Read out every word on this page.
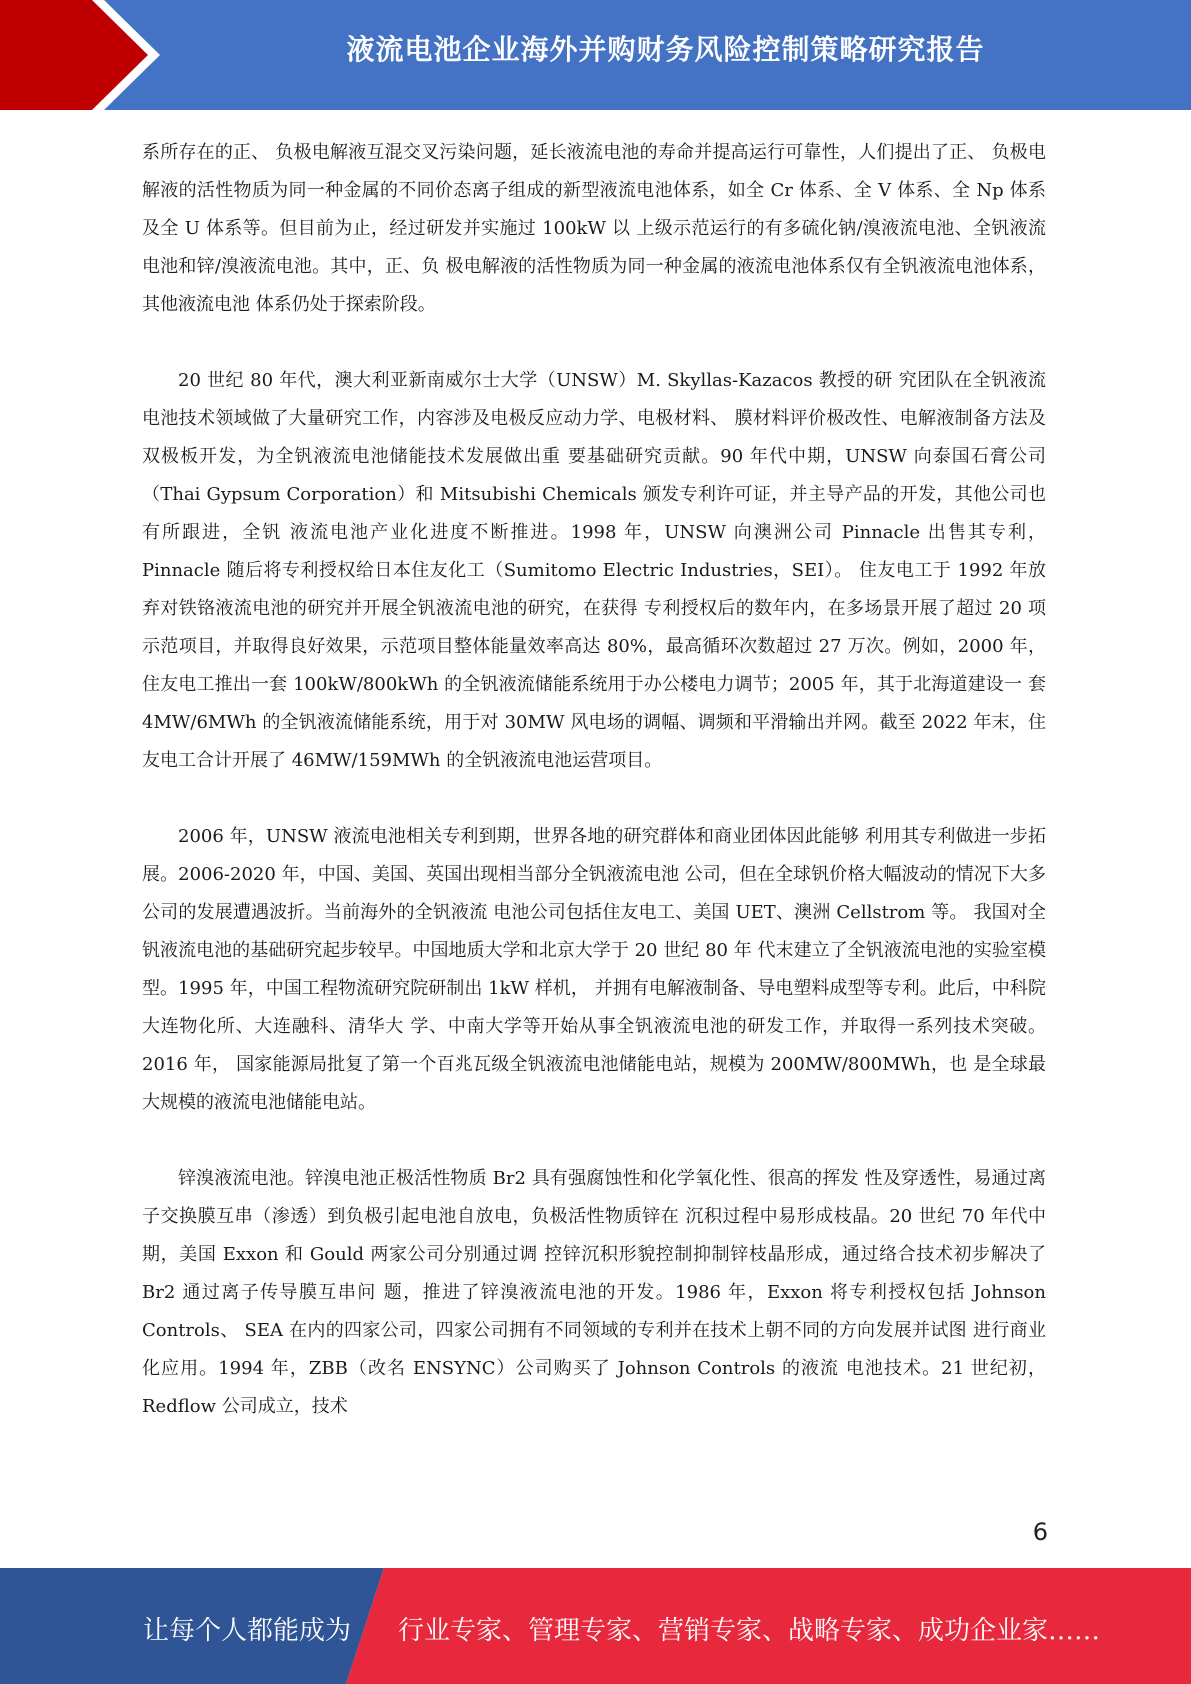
液流电池企业海外并购财务风险控制策略研究报告

系所存在的正、 负极电解液互混交叉污染问题，延长液流电池的寿命并提高运行可靠性，人们提出了正、 负极电解液的活性物质为同一种金属的不同价态离子组成的新型液流电池体系，如全 Cr 体系、全 V 体系、全 Np 体系及全 U 体系等。但目前为止，经过研发并实施过 100kW 以 上级示范运行的有多硫化钠/溴液流电池、全钒液流电池和锌/溴液流电池。其中，正、负 极电解液的活性物质为同一种金属的液流电池体系仅有全钒液流电池体系，其他液流电池 体系仍处于探索阶段。

20 世纪 80 年代，澳大利亚新南威尔士大学（UNSW）M. Skyllas-Kazacos 教授的研 究团队在全钒液流电池技术领域做了大量研究工作，内容涉及电极反应动力学、电极材料、 膜材料评价极改性、电解液制备方法及双极板开发，为全钒液流电池储能技术发展做出重 要基础研究贡献。90 年代中期，UNSW 向泰国石膏公司（Thai Gypsum Corporation）和 Mitsubishi Chemicals 颁发专利许可证，并主导产品的开发，其他公司也有所跟进，全钒 液流电池产业化进度不断推进。1998 年，UNSW 向澳洲公司 Pinnacle 出售其专利，Pinnacle 随后将专利授权给日本住友化工（Sumitomo Electric Industries，SEI）。 住友电工于 1992 年放弃对铁铬液流电池的研究并开展全钒液流电池的研究，在获得 专利授权后的数年内，在多场景开展了超过 20 项示范项目，并取得良好效果，示范项目整体能量效率高达 80%，最高循环次数超过 27 万次。例如，2000 年，住友电工推出一套 100kW/800kWh 的全钒液流储能系统用于办公楼电力调节；2005 年，其于北海道建设一 套 4MW/6MWh 的全钒液流储能系统，用于对 30MW 风电场的调幅、调频和平滑输出并网。截至 2022 年末，住友电工合计开展了 46MW/159MWh 的全钒液流电池运营项目。

2006 年，UNSW 液流电池相关专利到期，世界各地的研究群体和商业团体因此能够 利用其专利做进一步拓展。2006-2020 年，中国、美国、英国出现相当部分全钒液流电池 公司，但在全球钒价格大幅波动的情况下大多公司的发展遭遇波折。当前海外的全钒液流 电池公司包括住友电工、美国 UET、澳洲 Cellstrom 等。 我国对全钒液流电池的基础研究起步较早。中国地质大学和北京大学于 20 世纪 80 年 代末建立了全钒液流电池的实验室模型。1995 年，中国工程物流研究院研制出 1kW 样机， 并拥有电解液制备、导电塑料成型等专利。此后，中科院大连物化所、大连融科、清华大 学、中南大学等开始从事全钒液流电池的研发工作，并取得一系列技术突破。2016 年， 国家能源局批复了第一个百兆瓦级全钒液流电池储能电站，规模为 200MW/800MWh，也 是全球最大规模的液流电池储能电站。

锌溴液流电池。锌溴电池正极活性物质 Br2 具有强腐蚀性和化学氧化性、很高的挥发 性及穿透性，易通过离子交换膜互串（渗透）到负极引起电池自放电，负极活性物质锌在 沉积过程中易形成枝晶。20 世纪 70 年代中期，美国 Exxon 和 Gould 两家公司分别通过调 控锌沉积形貌控制抑制锌枝晶形成，通过络合技术初步解决了 Br2 通过离子传导膜互串问 题，推进了锌溴液流电池的开发。1986 年，Exxon 将专利授权包括 Johnson Controls、 SEA 在内的四家公司，四家公司拥有不同领域的专利并在技术上朝不同的方向发展并试图 进行商业化应用。1994 年，ZBB（改名 ENSYNC）公司购买了 Johnson Controls 的液流 电池技术。21 世纪初，Redflow 公司成立，技术

6
让每个人都能成为 行业专家、管理专家、营销专家、战略专家、成功企业家……
